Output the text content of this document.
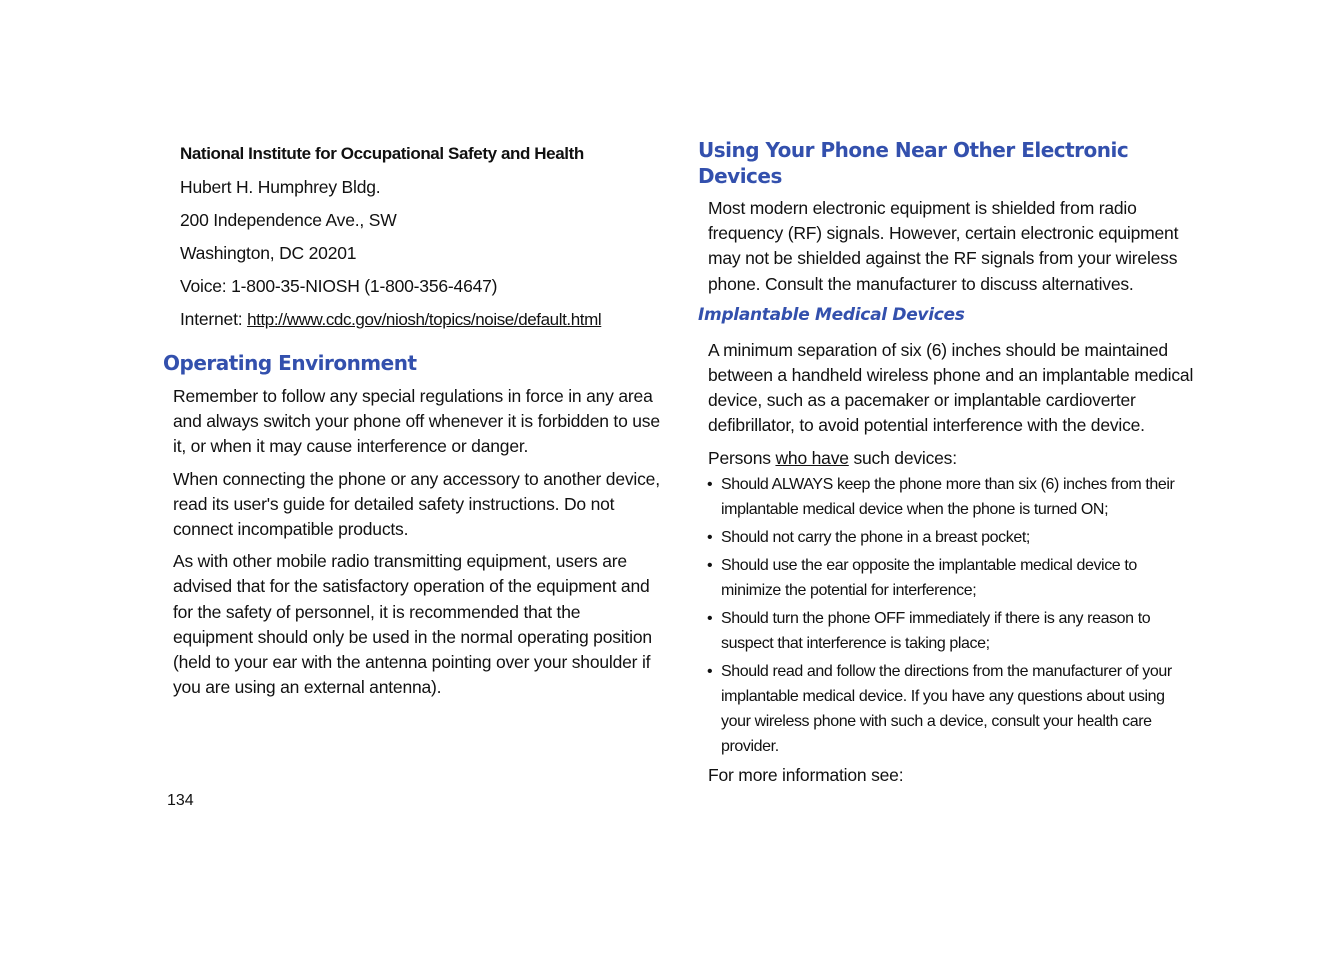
National Institute for Occupational Safety and Health

Hubert H. Humphrey Bldg.

200 Independence Ave., SW

Washington, DC 20201

Voice: 1-800-35-NIOSH (1-800-356-4647)

Internet: http://www.cdc.gov/niosh/topics/noise/default.html

Operating Environment

Remember to follow any special regulations in force in any area and always switch your phone off whenever it is forbidden to use it, or when it may cause interference or danger.

When connecting the phone or any accessory to another device, read its user's guide for detailed safety instructions. Do not connect incompatible products.

As with other mobile radio transmitting equipment, users are advised that for the satisfactory operation of the equipment and for the safety of personnel, it is recommended that the equipment should only be used in the normal operating position (held to your ear with the antenna pointing over your shoulder if you are using an external antenna).

Using Your Phone Near Other Electronic Devices

Most modern electronic equipment is shielded from radio frequency (RF) signals. However, certain electronic equipment may not be shielded against the RF signals from your wireless phone. Consult the manufacturer to discuss alternatives.

Implantable Medical Devices

A minimum separation of six (6) inches should be maintained between a handheld wireless phone and an implantable medical device, such as a pacemaker or implantable cardioverter defibrillator, to avoid potential interference with the device.

Persons who have such devices:

• Should ALWAYS keep the phone more than six (6) inches from their implantable medical device when the phone is turned ON;
• Should not carry the phone in a breast pocket;
• Should use the ear opposite the implantable medical device to minimize the potential for interference;
• Should turn the phone OFF immediately if there is any reason to suspect that interference is taking place;
• Should read and follow the directions from the manufacturer of your implantable medical device. If you have any questions about using your wireless phone with such a device, consult your health care provider.

For more information see:

134
